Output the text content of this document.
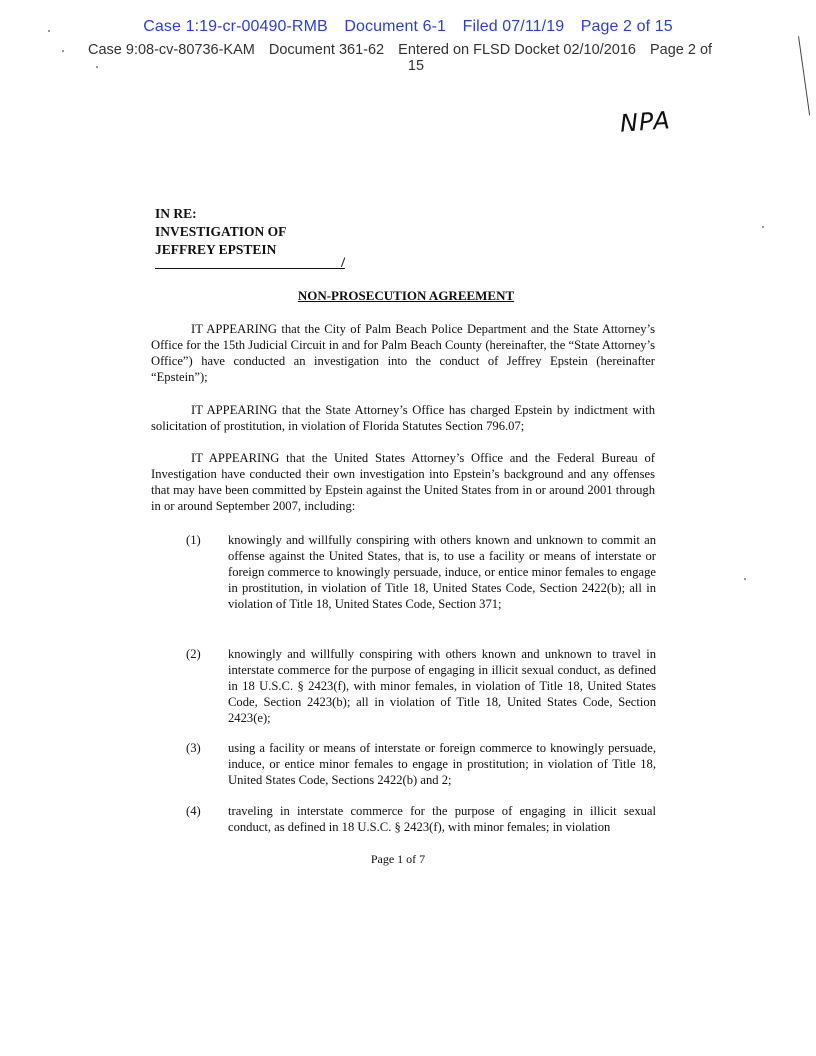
Case 1:19-cr-00490-RMB Document 6-1 Filed 07/11/19 Page 2 of 15
Case 9:08-cv-80736-KAM Document 361-62 Entered on FLSD Docket 02/10/2016 Page 2 of
15
NPA
IN RE:
INVESTIGATION OF
JEFFREY EPSTEIN
/
NON-PROSECUTION AGREEMENT
IT APPEARING that the City of Palm Beach Police Department and the State Attorney’s Office for the 15th Judicial Circuit in and for Palm Beach County (hereinafter, the “State Attorney’s Office”) have conducted an investigation into the conduct of Jeffrey Epstein (hereinafter “Epstein”);
IT APPEARING that the State Attorney’s Office has charged Epstein by indictment with solicitation of prostitution, in violation of Florida Statutes Section 796.07;
IT APPEARING that the United States Attorney’s Office and the Federal Bureau of Investigation have conducted their own investigation into Epstein’s background and any offenses that may have been committed by Epstein against the United States from in or around 2001 through in or around September 2007, including:
(1)	knowingly and willfully conspiring with others known and unknown to commit an offense against the United States, that is, to use a facility or means of interstate or foreign commerce to knowingly persuade, induce, or entice minor females to engage in prostitution, in violation of Title 18, United States Code, Section 2422(b); all in violation of Title 18, United States Code, Section 371;
(2)	knowingly and willfully conspiring with others known and unknown to travel in interstate commerce for the purpose of engaging in illicit sexual conduct, as defined in 18 U.S.C. § 2423(f), with minor females, in violation of Title 18, United States Code, Section 2423(b); all in violation of Title 18, United States Code, Section 2423(e);
(3)	using a facility or means of interstate or foreign commerce to knowingly persuade, induce, or entice minor females to engage in prostitution; in violation of Title 18, United States Code, Sections 2422(b) and 2;
(4)	traveling in interstate commerce for the purpose of engaging in illicit sexual conduct, as defined in 18 U.S.C. § 2423(f), with minor females; in violation
Page 1 of 7
